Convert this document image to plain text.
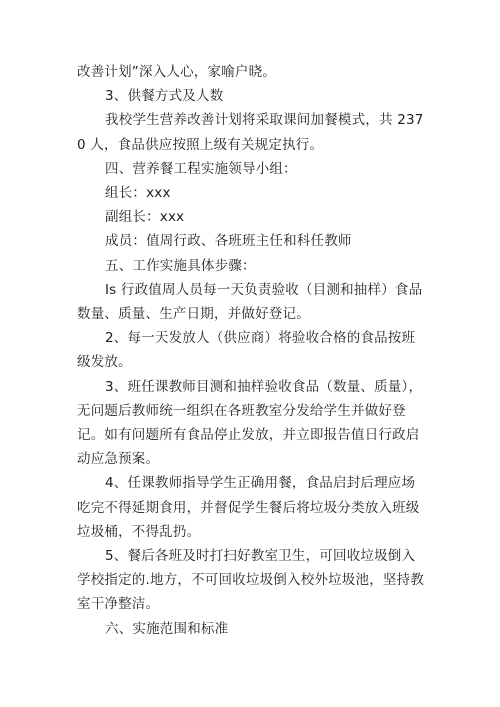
改善计划”深入人心，家喻户晓。

3、供餐方式及人数

我校学生营养改善计划将采取课间加餐模式，共 2370 人，食品供应按照上级有关规定执行。

四、营养餐工程实施领导小组：

组长：xxx

副组长：xxx

成员：值周行政、各班班主任和科任教师

五、工作实施具体步骤：

Is 行政值周人员每一天负责验收（目测和抽样）食品数量、质量、生产日期，并做好登记。

2、每一天发放人（供应商）将验收合格的食品按班级发放。

3、班任课教师目测和抽样验收食品（数量、质量），无问题后教师统一组织在各班教室分发给学生并做好登记。如有问题所有食品停止发放，并立即报告值日行政启动应急预案。

4、任课教师指导学生正确用餐，食品启封后理应场吃完不得延期食用，并督促学生餐后将垃圾分类放入班级垃圾桶，不得乱扔。

5、餐后各班及时打扫好教室卫生，可回收垃圾倒入学校指定的.地方，不可回收垃圾倒入校外垃圾池，坚持教室干净整洁。

六、实施范围和标准
